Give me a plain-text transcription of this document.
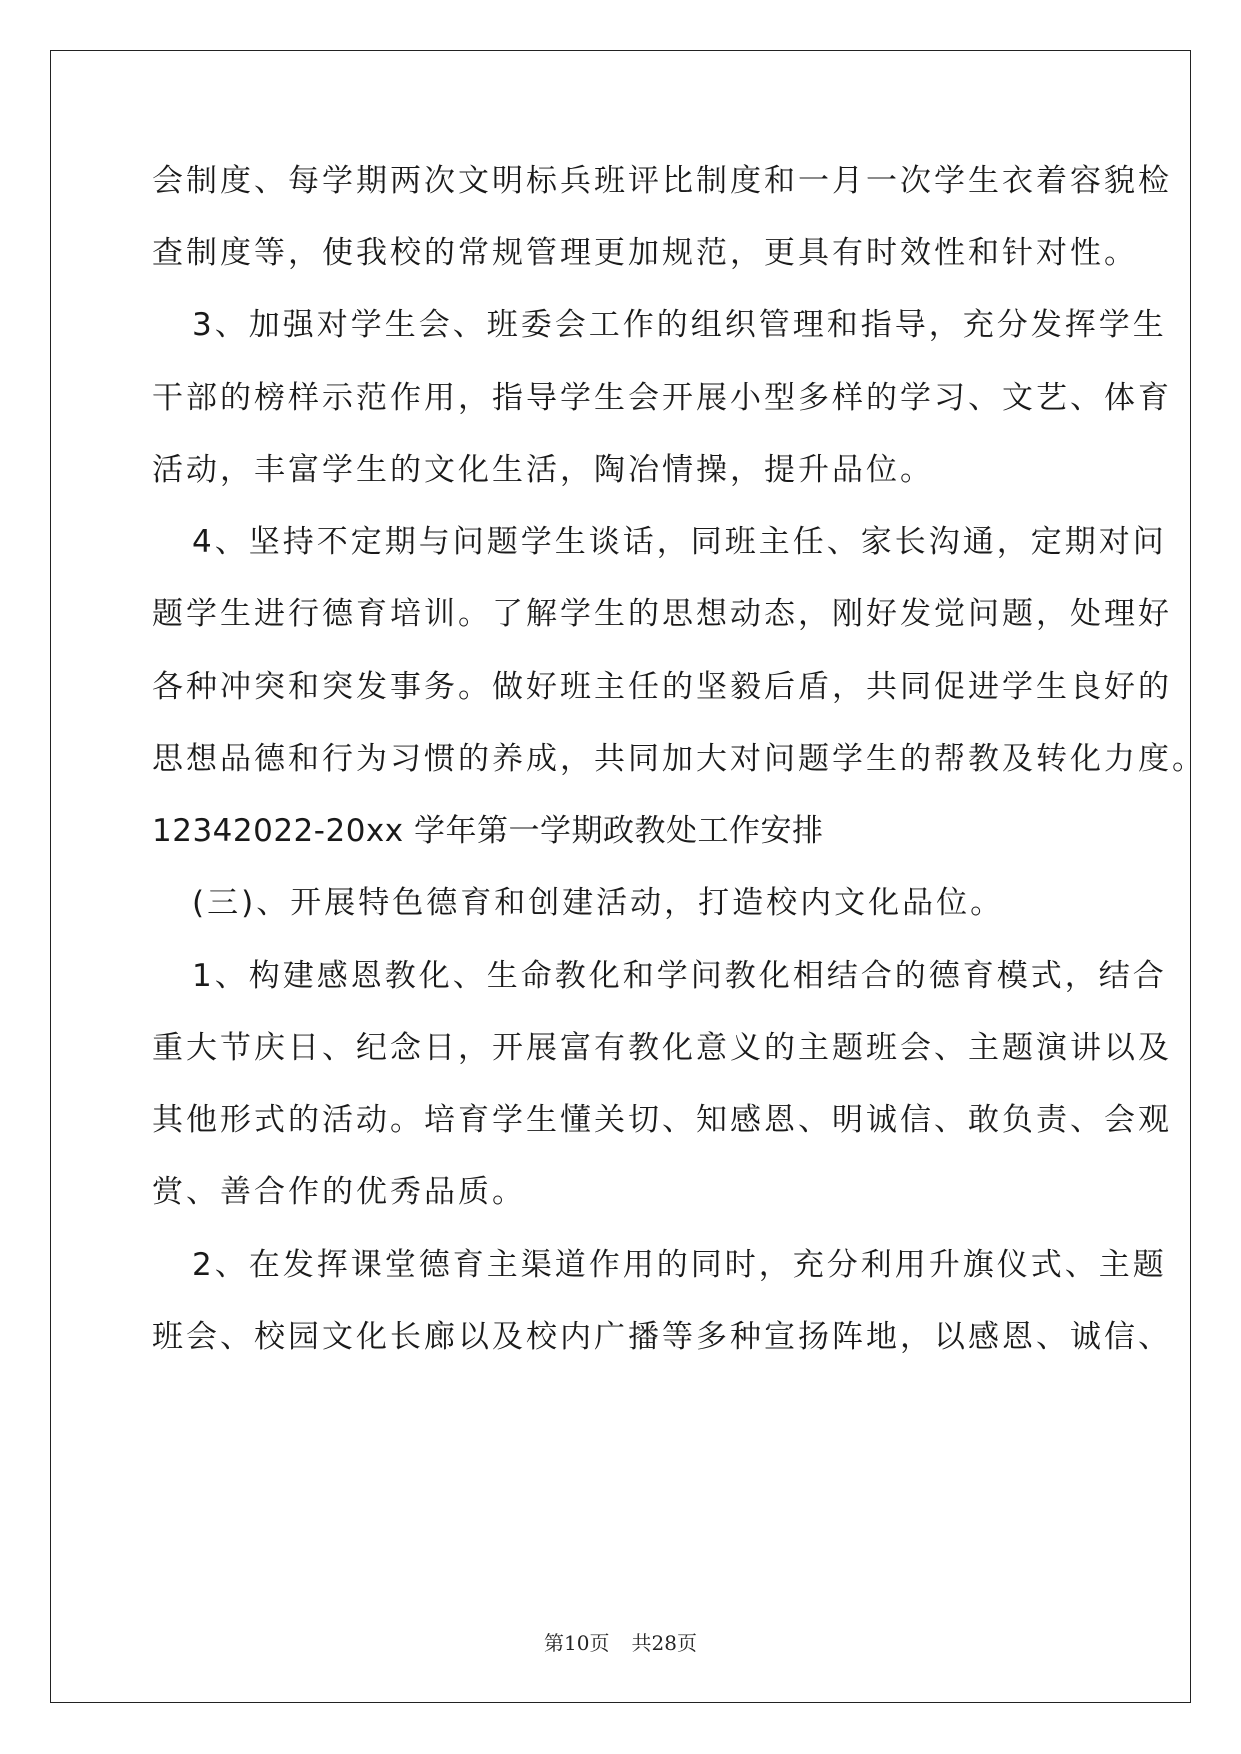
会制度、每学期两次文明标兵班评比制度和一月一次学生衣着容貌检
查制度等，使我校的常规管理更加规范，更具有时效性和针对性。
3、加强对学生会、班委会工作的组织管理和指导，充分发挥学生
干部的榜样示范作用，指导学生会开展小型多样的学习、文艺、体育
活动，丰富学生的文化生活，陶冶情操，提升品位。
4、坚持不定期与问题学生谈话，同班主任、家长沟通，定期对问
题学生进行德育培训。了解学生的思想动态，刚好发觉问题，处理好
各种冲突和突发事务。做好班主任的坚毅后盾，共同促进学生良好的
思想品德和行为习惯的养成，共同加大对问题学生的帮教及转化力度。
12342022-20xx 学年第一学期政教处工作安排
(三)、开展特色德育和创建活动，打造校内文化品位。
1、构建感恩教化、生命教化和学问教化相结合的德育模式，结合
重大节庆日、纪念日，开展富有教化意义的主题班会、主题演讲以及
其他形式的活动。培育学生懂关切、知感恩、明诚信、敢负责、会观
赏、善合作的优秀品质。
2、在发挥课堂德育主渠道作用的同时，充分利用升旗仪式、主题
班会、校园文化长廊以及校内广播等多种宣扬阵地，以感恩、诚信、
第10页 共28页
